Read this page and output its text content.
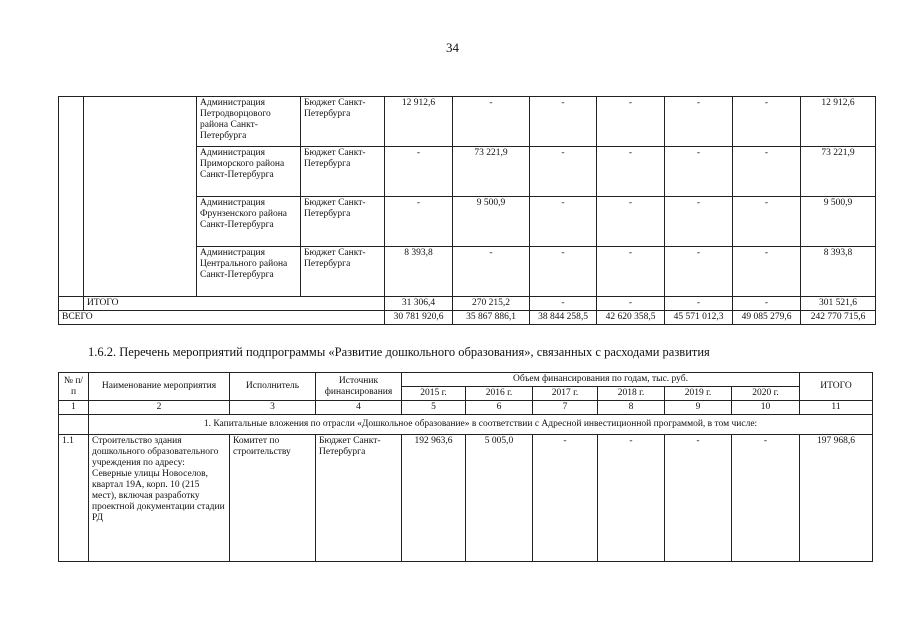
34
		Администрация Петродворцового района Санкт-Петербурга	Бюджет Санкт-Петербурга	12 912,6	-	-	-	-	-	12 912,6
		Администрация Приморского района Санкт-Петербурга	Бюджет Санкт-Петербурга	-	73 221,9	-	-	-	-	73 221,9
		Администрация Фрунзенского района Санкт-Петербурга	Бюджет Санкт-Петербурга	-	9 500,9	-	-	-	-	9 500,9
		Администрация Центрального района Санкт-Петербурга	Бюджет Санкт-Петербурга	8 393,8	-	-	-	-	-	8 393,8
	ИТОГО			31 306,4	270 215,2	-	-	-	-	301 521,6
ВСЕГО				30 781 920,6	35 867 886,1	38 844 258,5	42 620 358,5	45 571 012,3	49 085 279,6	242 770 715,6
1.6.2. Перечень мероприятий подпрограммы «Развитие дошкольного образования», связанных с расходами развития
№ п/п	Наименование мероприятия	Исполнитель	Источник финансирования	Объем финансирования по годам, тыс. руб.						ИТОГО
				2015 г.	2016 г.	2017 г.	2018 г.	2019 г.	2020 г.	
1	2	3	4	5	6	7	8	9	10	11
	1. Капитальные вложения по отрасли «Дошкольное образование» в соответствии с Адресной инвестиционной программой, в том числе:									
1.1	Строительство здания дошкольного образовательного учреждения по адресу: Северные улицы Новоселов, квартал 19А, корп. 10 (215 мест), включая разработку проектной документации стадии РД	Комитет по строительству	Бюджет Санкт-Петербурга	192 963,6	5 005,0	-	-	-	-	197 968,6
